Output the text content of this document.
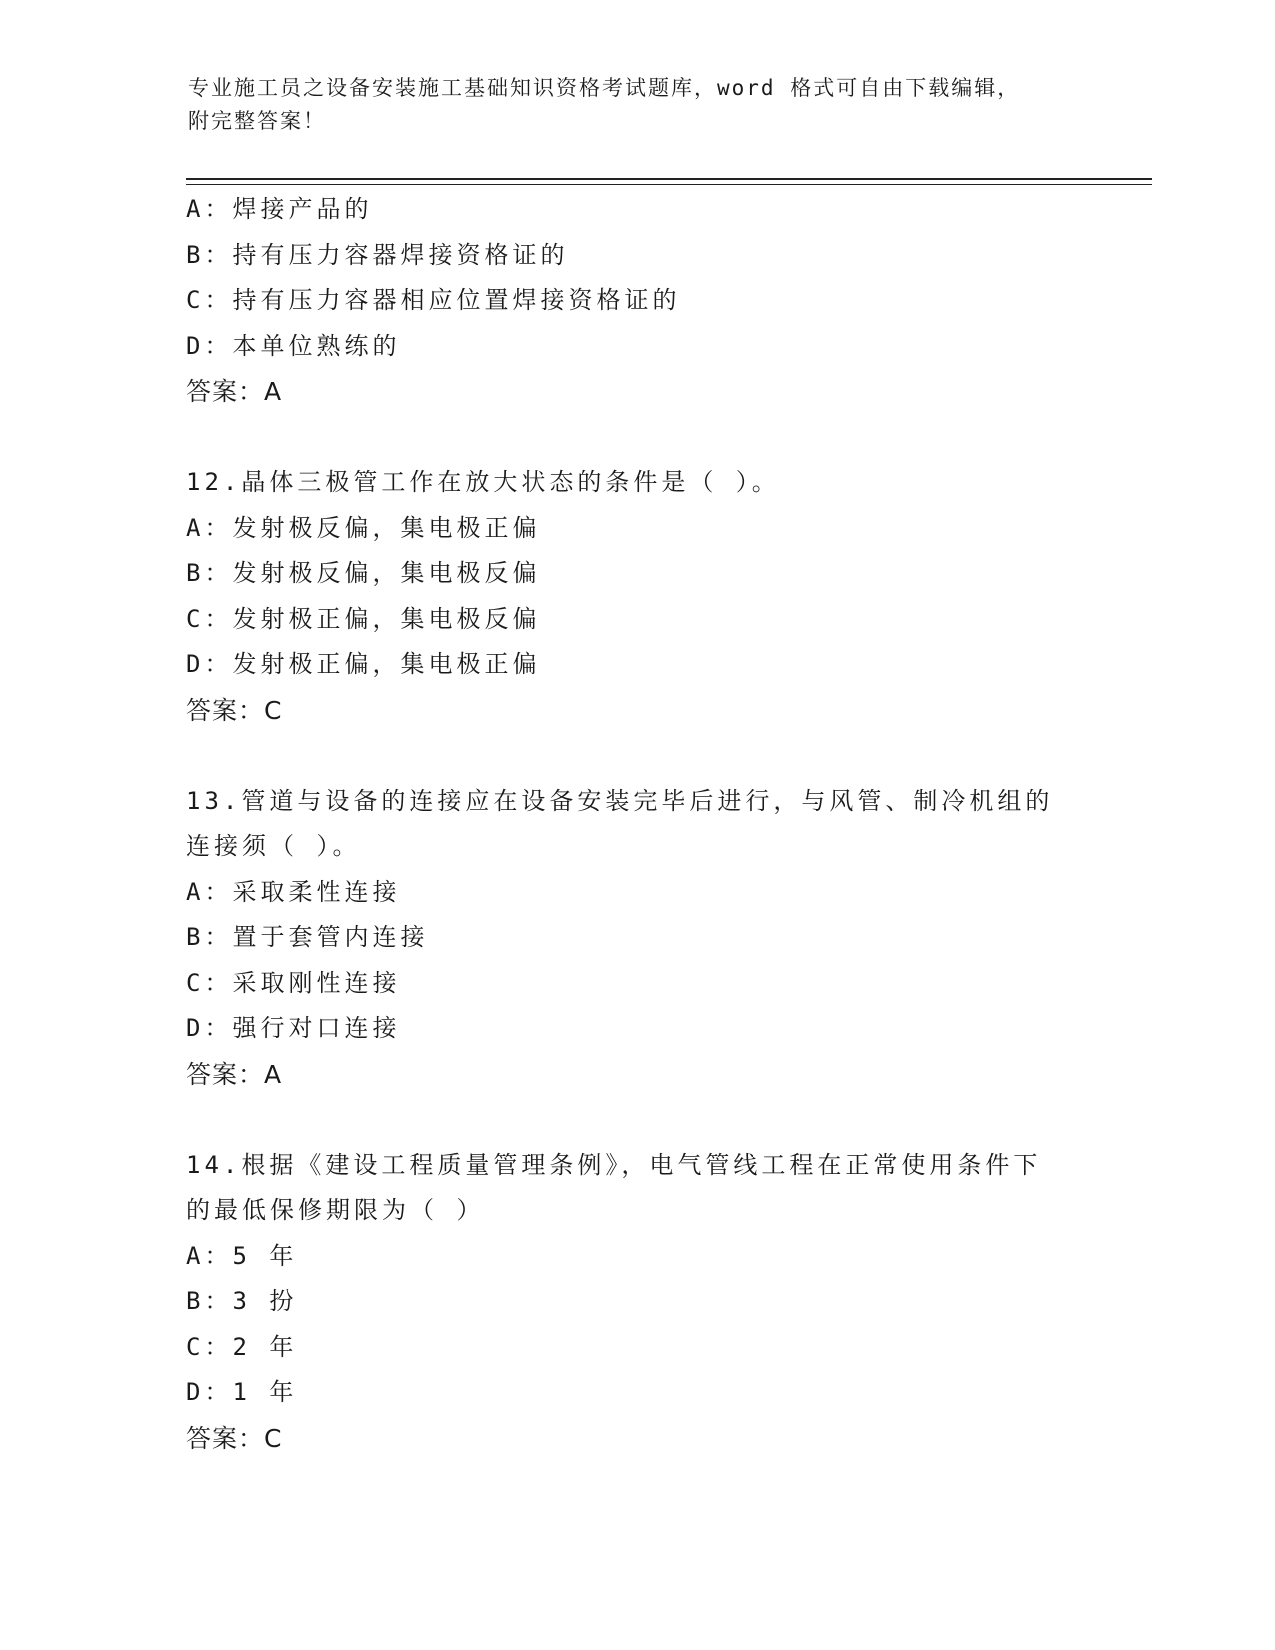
专业施工员之设备安装施工基础知识资格考试题库，word 格式可自由下载编辑，
附完整答案！
A：焊接产品的
B：持有压力容器焊接资格证的
C：持有压力容器相应位置焊接资格证的
D：本单位熟练的
答案：A
12.晶体三极管工作在放大状态的条件是（ ）。
A：发射极反偏，集电极正偏
B：发射极反偏，集电极反偏
C：发射极正偏，集电极反偏
D：发射极正偏，集电极正偏
答案：C
13.管道与设备的连接应在设备安装完毕后进行，与风管、制冷机组的
连接须（ ）。
A：采取柔性连接
B：置于套管内连接
C：采取刚性连接
D：强行对口连接
答案：A
14.根据《建设工程质量管理条例》，电气管线工程在正常使用条件下
的最低保修期限为（ ）
A：5 年
B：3 扮
C：2 年
D：1 年
答案：C
